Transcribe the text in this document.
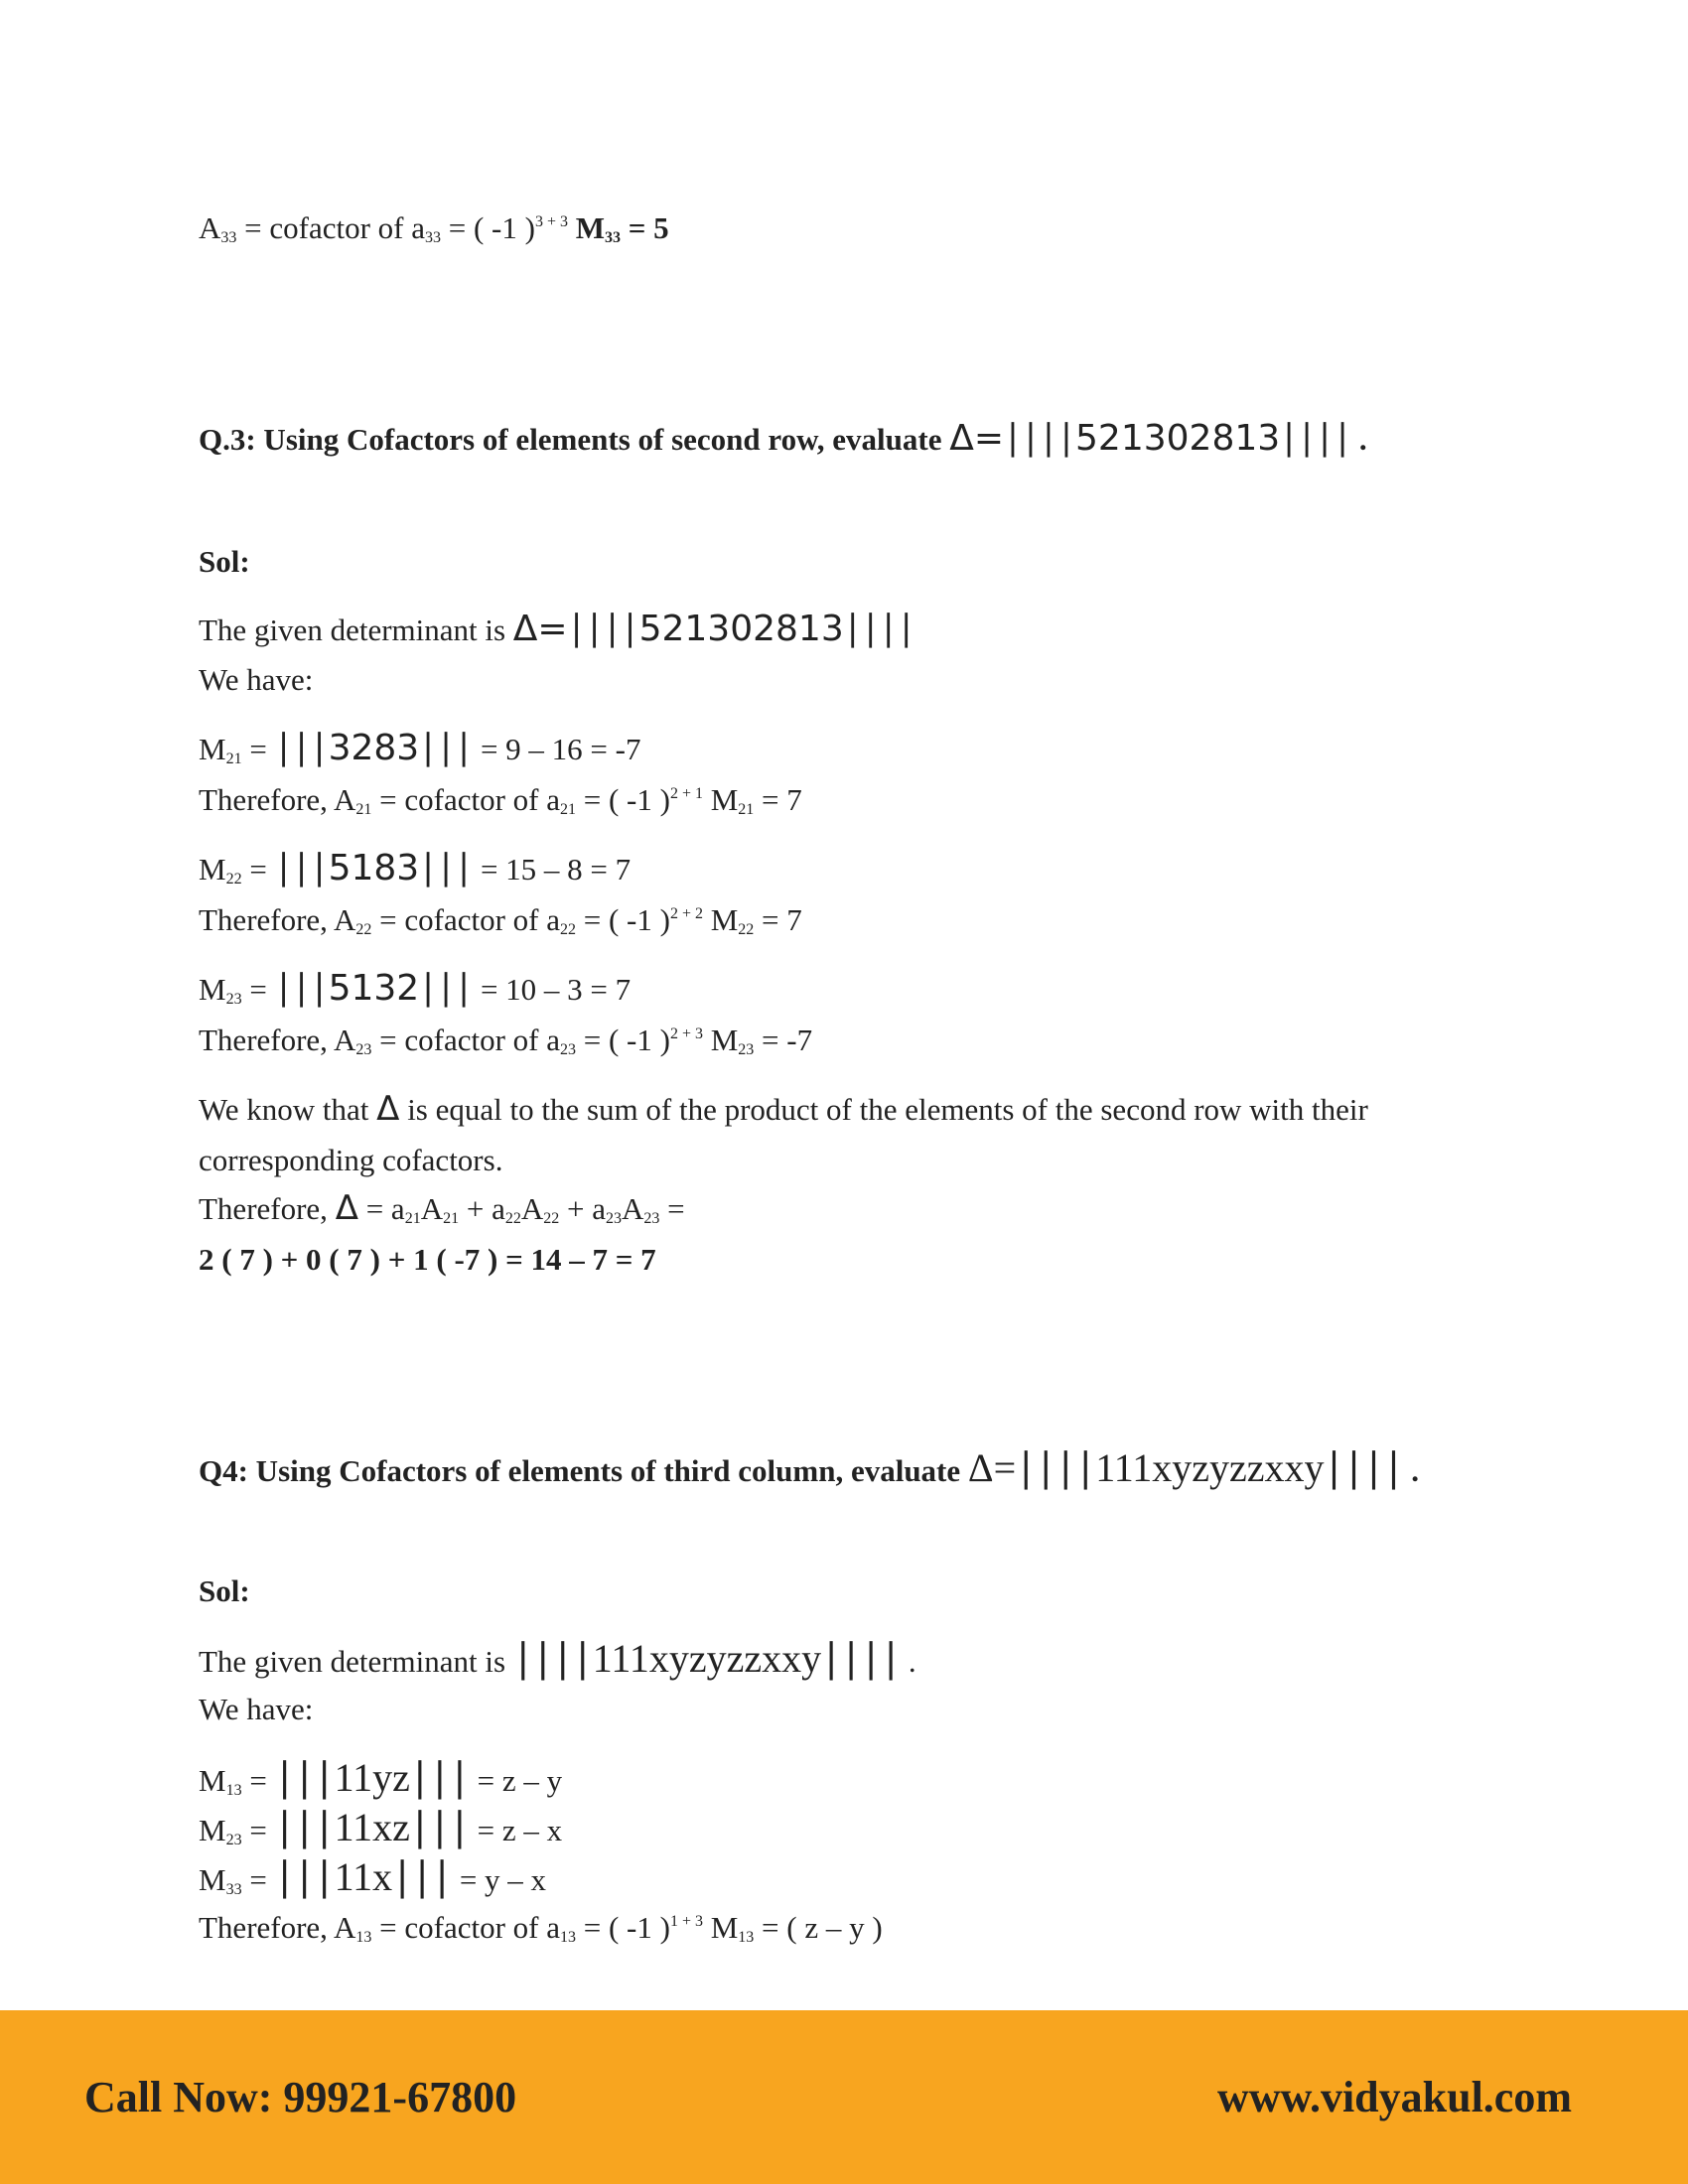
$A_{33}$ = cofactor of $a_{33}$ = ( -1 )$^{3 + 3}$ $M_{33} = 5$
Q.3: Using Cofactors of elements of second row, evaluate Δ=∣∣∣∣521302813∣∣∣∣ .
Sol:
The given determinant is Δ=∣∣∣∣521302813∣∣∣∣
We have:
$M_{21}$ = ∣∣∣3283∣∣∣ = 9 – 16 = -7
Therefore, $A_{21}$ = cofactor of $a_{21}$ = ( -1 )$^{2 + 1}$ $M_{21} = 7$
$M_{22}$ = ∣∣∣5183∣∣∣ = 15 – 8 = 7
Therefore, $A_{22}$ = cofactor of $a_{22}$ = ( -1 )$^{2 + 2}$ $M_{22} = 7$
$M_{23}$ = ∣∣∣5132∣∣∣ = 10 – 3 = 7
Therefore, $A_{23}$ = cofactor of $a_{23}$ = ( -1 )$^{2 + 3}$ $M_{23} = -7$
We know that Δ is equal to the sum of the product of the elements of the second row with their
corresponding cofactors.
Therefore, $\Delta = a_{21}A_{21} + a_{22}A_{22} + a_{23}A_{23}$ =
2 ( 7 ) + 0 ( 7 ) + 1 ( -7 ) = 14 – 7 = 7
Q4: Using Cofactors of elements of third column, evaluate Δ=∣∣∣∣111xyzyzzxxy∣∣∣∣ .
Sol:
The given determinant is ∣∣∣∣111xyzyzzxxy∣∣∣∣ .
We have:
$M_{13}$ = ∣∣∣11yz∣∣∣ = z – y
$M_{23}$ = ∣∣∣11xz∣∣∣ = z – x
$M_{33}$ = ∣∣∣11x∣∣∣ = y – x
Therefore, $A_{13}$ = cofactor of $a_{13}$ = ( -1 )$^{1 + 3}$ $M_{13}$ = ( z – y )
Call Now: 99921-67800	www.vidyakul.com
